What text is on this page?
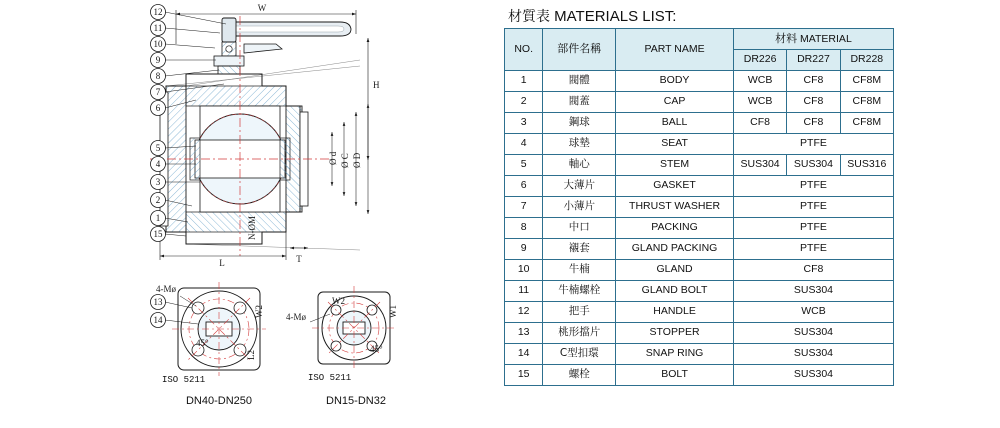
W
H
Ø d Ø C Ø D
L	T
N-ØM
12
11
10
9
8
7
6
5
4
3
2
1
15
4-Mø
45°
W2
L2
ISO 5211
DN40-DN250
13
14	4-Mø
45°
W2
W1
ISO 5211
DN15-DN32
材質表 MATERIALS LIST:
NO.	部件名稱	PART NAME	材料 MATERIAL		
			DR226	DR227	DR228
1	閥體	BODY	WCB	CF8	CF8M
2	閥蓋	CAP	WCB	CF8	CF8M
3	鋼球	BALL	CF8	CF8	CF8M
4	球墊	SEAT	PTFE		
5	軸心	STEM	SUS304	SUS304	SUS316
6	大薄片	GASKET	PTFE		
7	小薄片	THRUST WASHER	PTFE		
8	中口	PACKING	PTFE		
9	襯套	GLAND PACKING	PTFE		
10	牛楠	GLAND	CF8		
11	牛楠螺栓	GLAND BOLT	SUS304		
12	把手	HANDLE	WCB		
13	桃形擋片	STOPPER	SUS304		
14	C型扣環	SNAP RING	SUS304		
15	螺栓	BOLT	SUS304		
